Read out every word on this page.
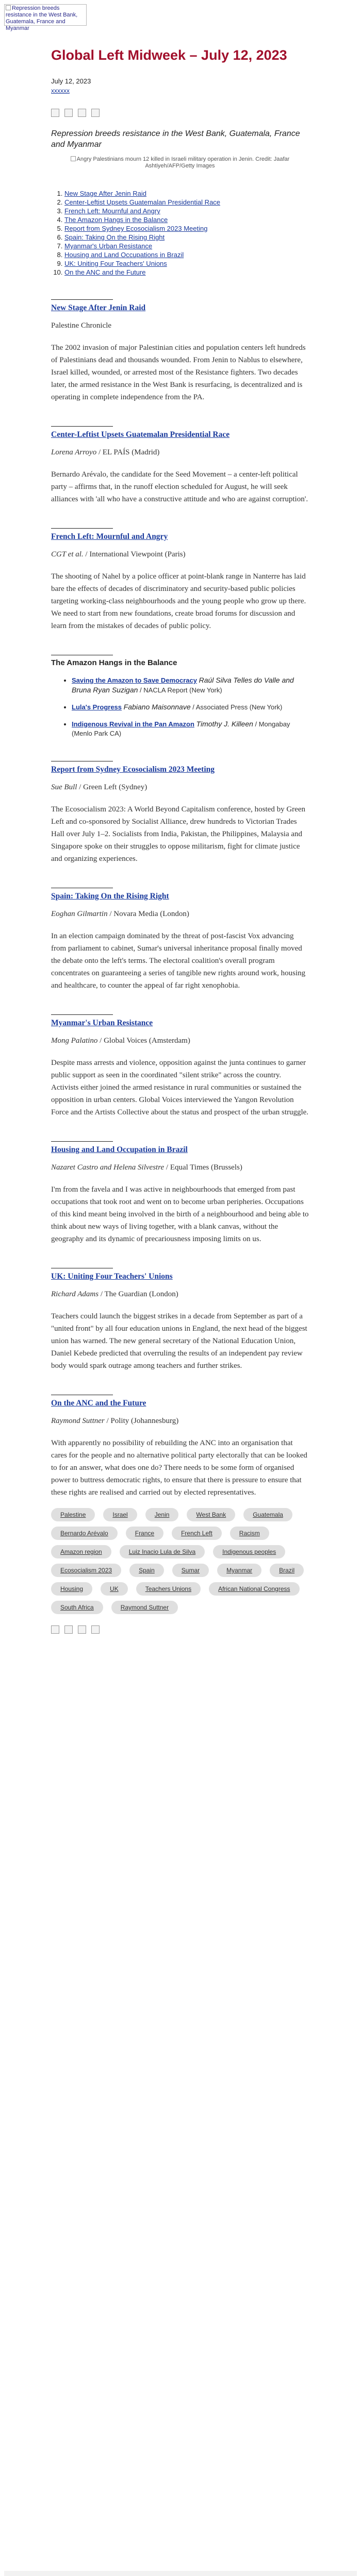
Repression breeds resistance in the West Bank, Guatemala, France and Myanmar
Global Left Midweek – July 12, 2023
July 12, 2023
xxxxxx
Repression breeds resistance in the West Bank, Guatemala, France and Myanmar
Angry Palestinians mourn 12 killed in Israeli military operation in Jenin. Credit: Jaafar Ashtiyeh/AFP/Getty Images
1. New Stage After Jenin Raid
2. Center-Leftist Upsets Guatemalan Presidential Race
3. French Left: Mournful and Angry
4. The Amazon Hangs in the Balance
5. Report from Sydney Ecosocialism 2023 Meeting
6. Spain: Taking On the Rising Right
7. Myanmar's Urban Resistance
8. Housing and Land Occupations in Brazil
9. UK: Uniting Four Teachers' Unions
10. On the ANC and the Future
New Stage After Jenin Raid
Palestine Chronicle
The 2002 invasion of major Palestinian cities and population centers left hundreds of Palestinians dead and thousands wounded. From Jenin to Nablus to elsewhere, Israel killed, wounded, or arrested most of the Resistance fighters. Two decades later, the armed resistance in the West Bank is resurfacing, is decentralized and is operating in complete independence from the PA.
Center-Leftist Upsets Guatemalan Presidential Race
Lorena Arroyo / EL PAÍS (Madrid)
Bernardo Arévalo, the candidate for the Seed Movement – a center-left political party – affirms that, in the runoff election scheduled for August, he will seek alliances with 'all who have a constructive attitude and who are against corruption'.
French Left: Mournful and Angry
CGT et al. / International Viewpoint (Paris)
The shooting of Nahel by a police officer at point-blank range in Nanterre has laid bare the effects of decades of discriminatory and security-based public policies targeting working-class neighbourhoods and the young people who grow up there. We need to start from new foundations, create broad forums for discussion and learn from the mistakes of decades of public policy.
The Amazon Hangs in the Balance
• Saving the Amazon to Save Democracy Raúl Silva Telles do Valle and Bruna Ryan Suzigan / NACLA Report (New York)
• Lula's Progress Fabiano Maisonnave / Associated Press (New York)
• Indigenous Revival in the Pan Amazon Timothy J. Killeen / Mongabay (Menlo Park CA)
Report from Sydney Ecosocialism 2023 Meeting
Sue Bull / Green Left (Sydney)
The Ecosocialism 2023: A World Beyond Capitalism conference, hosted by Green Left and co-sponsored by Socialist Alliance, drew hundreds to Victorian Trades Hall over July 1–2. Socialists from India, Pakistan, the Philippines, Malaysia and Singapore spoke on their struggles to oppose militarism, fight for climate justice and organizing experiences.
Spain: Taking On the Rising Right
Eoghan Gilmartin / Novara Media (London)
In an election campaign dominated by the threat of post-fascist Vox advancing from parliament to cabinet, Sumar's universal inheritance proposal finally moved the debate onto the left's terms. The electoral coalition's overall program concentrates on guaranteeing a series of tangible new rights around work, housing and healthcare, to counter the appeal of far right xenophobia.
Myanmar's Urban Resistance
Mong Palatino / Global Voices (Amsterdam)
Despite mass arrests and violence, opposition against the junta continues to garner public support as seen in the coordinated "silent strike" across the country. Activists either joined the armed resistance in rural communities or sustained the opposition in urban centers. Global Voices interviewed the Yangon Revolution Force and the Artists Collective about the status and prospect of the urban struggle.
Housing and Land Occupation in Brazil
Nazaret Castro and Helena Silvestre / Equal Times (Brussels)
I'm from the favela and I was active in neighbourhoods that emerged from past occupations that took root and went on to become urban peripheries. Occupations of this kind meant being involved in the birth of a neighbourhood and being able to think about new ways of living together, with a blank canvas, without the geography and its dynamic of precariousness imposing limits on us.
UK: Uniting Four Teachers' Unions
Richard Adams / The Guardian (London)
Teachers could launch the biggest strikes in a decade from September as part of a "united front" by all four education unions in England, the next head of the biggest union has warned. The new general secretary of the National Education Union, Daniel Kebede predicted that overruling the results of an independent pay review body would spark outrage among teachers and further strikes.
On the ANC and the Future
Raymond Suttner / Polity (Johannesburg)
With apparently no possibility of rebuilding the ANC into an organisation that cares for the people and no alternative political party electorally that can be looked to for an answer, what does one do? There needs to be some form of organised power to buttress democratic rights, to ensure that there is pressure to ensure that these rights are realised and carried out by elected representatives.
Palestine	Israel	Jenin	West Bank	Guatemala
Bernardo Arévalo	France	French Left	Racism
Amazon region	Luiz Inacio Lula de Silva	Indigenous peoples
Ecosocialism 2023	Spain	Sumar	Myanmar	Brazil
Housing	UK	Teachers Unions	African National Congress
South Africa	Raymond Suttner
